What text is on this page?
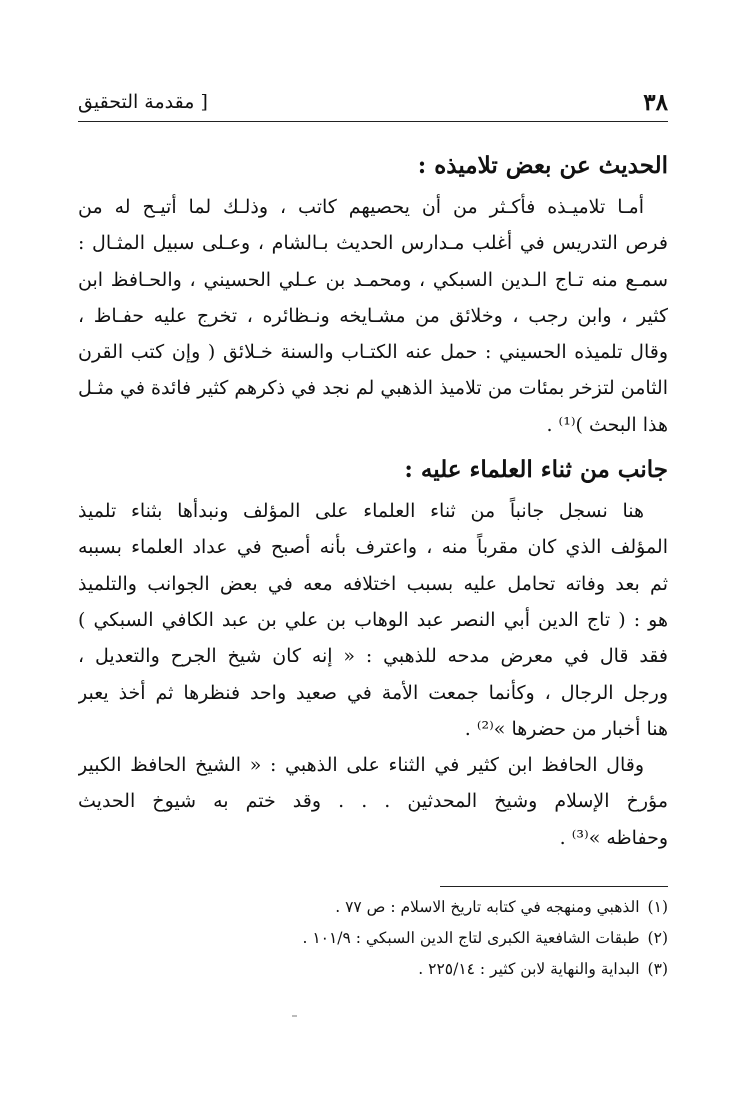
٣٨
[ مقدمة التحقيق
الحديث عن بعض تلاميذه :
أمـا تلاميـذه فأكـثر من أن يحصيهم كاتب ، وذلـك لما أتيـح له من
فرص التدريس في أغلب مـدارس الحديث بـالشام ، وعـلى سبيل المثـال :
سمـع منه تـاج الـدين السبكي ، ومحمـد بن عـلي الحسيني ، والحـافظ ابن
كثير ، وابن رجب ، وخلائق من مشـايخه ونـظائره ، تخرج عليه حفـاظ ،
وقال تلميذه الحسيني : حمل عنه الكتـاب والسنة خـلائق ( وإن كتب القرن
الثامن لتزخر بمئات من تلاميذ الذهبي لم نجد في ذكرهم كثير فائدة في مثـل
هذا البحث )⁽¹⁾ .
جانب من ثناء العلماء عليه :
هنا نسجل جانباً من ثناء العلماء على المؤلف ونبدأها بثناء تلميذ
المؤلف الذي كان مقرباً منه ، واعترف بأنه أصبح في عداد العلماء بسببه
ثم بعد وفاته تحامل عليه بسبب اختلافه معه في بعض الجوانب والتلميذ
هو : ( تاج الدين أبي النصر عبد الوهاب بن علي بن عبد الكافي السبكي )
فقد قال في معرض مدحه للذهبي : « إنه كان شيخ الجرح والتعديل ،
ورجل الرجال ، وكأنما جمعت الأمة في صعيد واحد فنظرها ثم أخذ يعبر
هنا أخبار من حضرها »⁽²⁾ .
وقال الحافظ ابن كثير في الثناء على الذهبي : « الشيخ الحافظ الكبير
مؤرخ الإسلام وشيخ المحدثين . . . وقد ختم به شيوخ الحديث
وحفاظه »⁽³⁾ .
(١)الذهبي ومنهجه في كتابه تاريخ الاسلام : ص ٧٧ .
(٢)طبقات الشافعية الكبرى لتاج الدين السبكي : ١٠١/٩ .
(٣)البداية والنهاية لابن كثير : ٢٢٥/١٤ .
